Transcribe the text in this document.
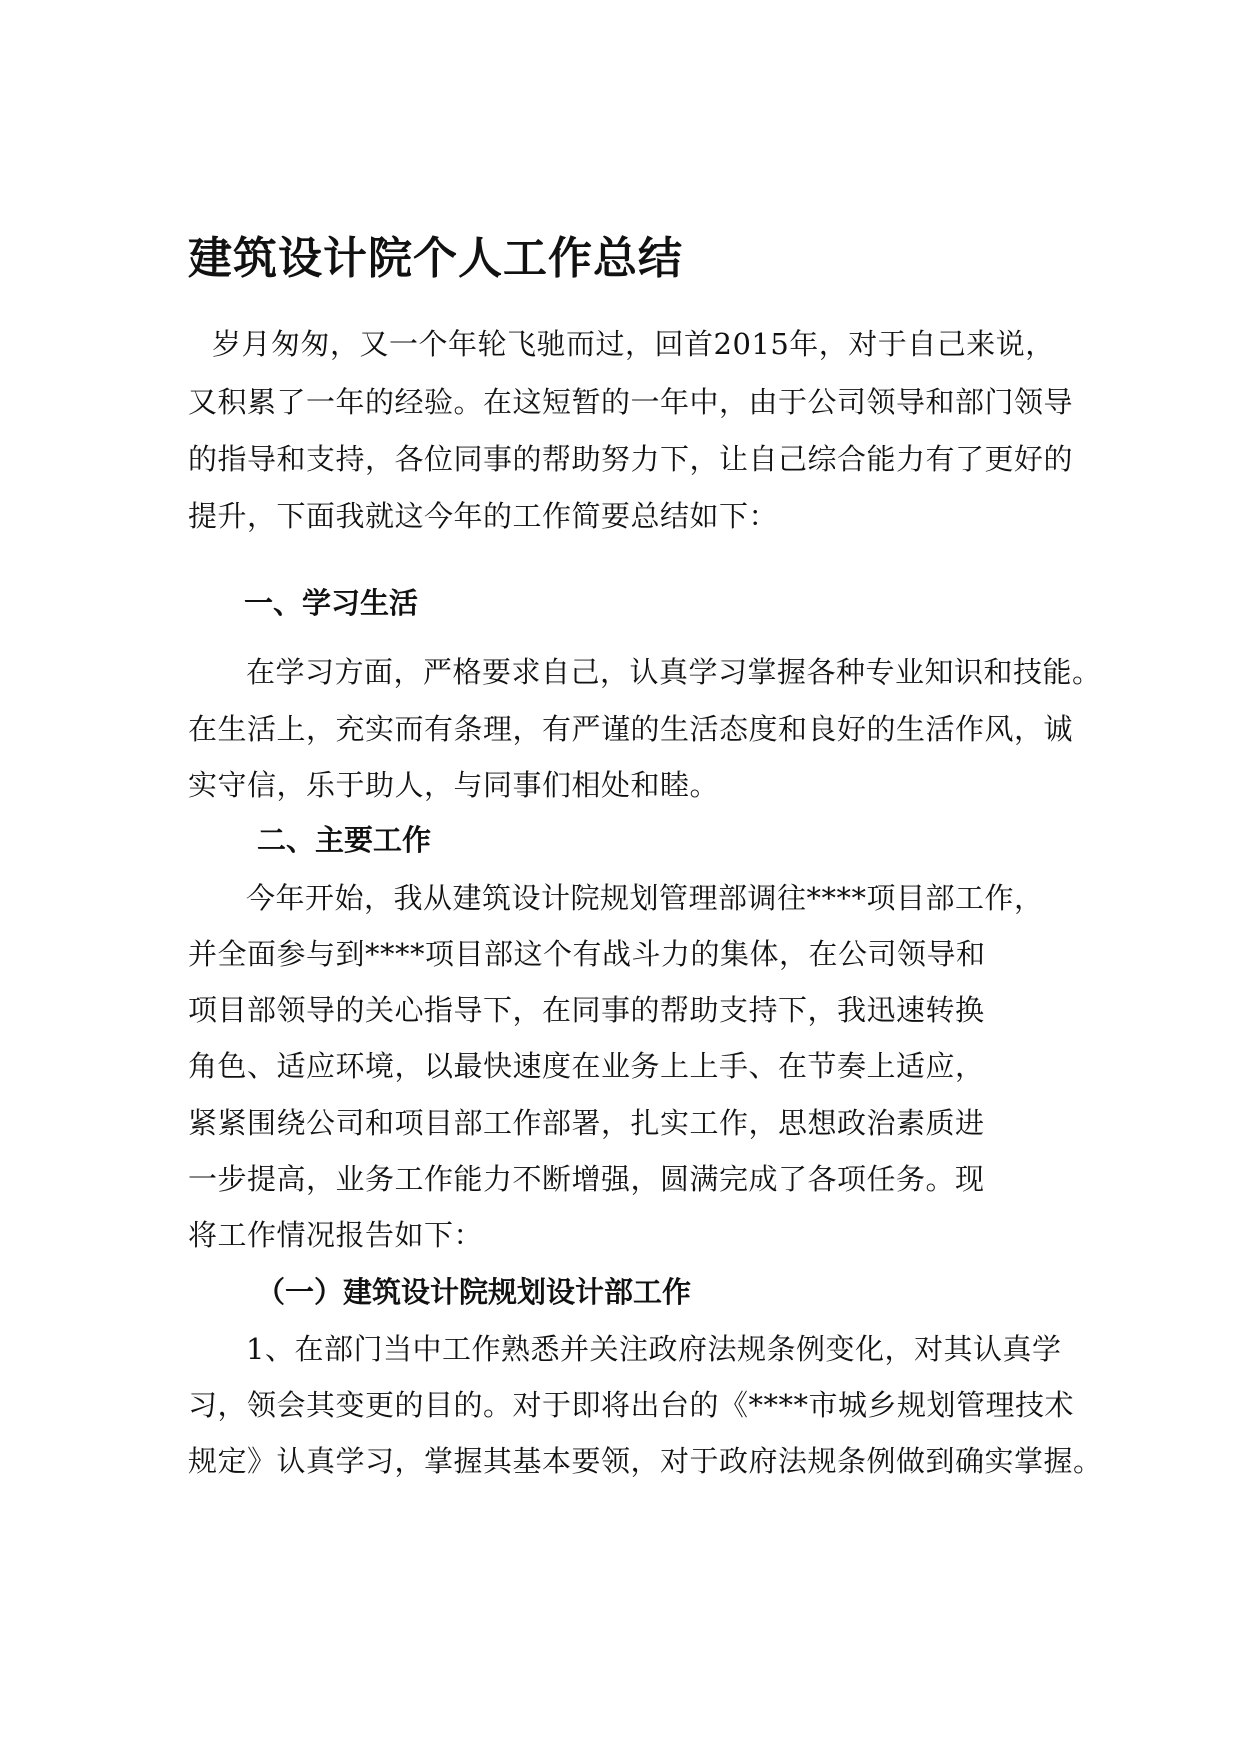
建筑设计院个人工作总结

岁月匆匆，又一个年轮飞驰而过，回首2015年，对于自己来说，

又积累了一年的经验。在这短暂的一年中，由于公司领导和部门领导

的指导和支持，各位同事的帮助努力下，让自己综合能力有了更好的

提升，下面我就这今年的工作简要总结如下：

一、学习生活

在学习方面，严格要求自己，认真学习掌握各种专业知识和技能。

在生活上，充实而有条理，有严谨的生活态度和良好的生活作风，诚

实守信，乐于助人，与同事们相处和睦。

二、主要工作

今年开始，我从建筑设计院规划管理部调往****项目部工作，

并全面参与到****项目部这个有战斗力的集体，在公司领导和

项目部领导的关心指导下，在同事的帮助支持下，我迅速转换

角色、适应环境，以最快速度在业务上上手、在节奏上适应，

紧紧围绕公司和项目部工作部署，扎实工作，思想政治素质进

一步提高，业务工作能力不断增强，圆满完成了各项任务。现

将工作情况报告如下：

（一）建筑设计院规划设计部工作

1、在部门当中工作熟悉并关注政府法规条例变化，对其认真学

习，领会其变更的目的。对于即将出台的《****市城乡规划管理技术

规定》认真学习，掌握其基本要领，对于政府法规条例做到确实掌握。
